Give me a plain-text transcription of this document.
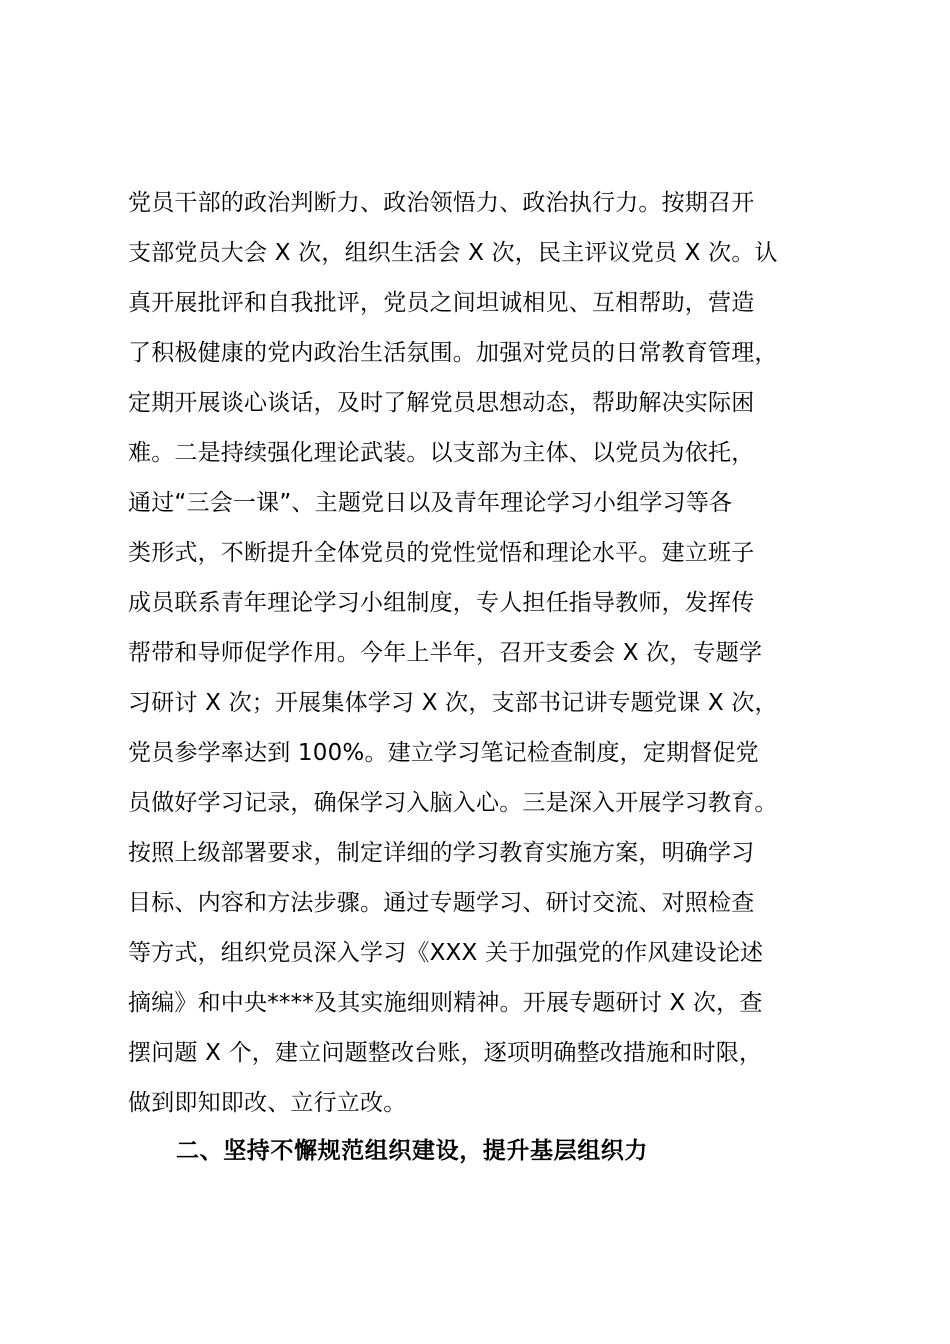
党员干部的政治判断力、政治领悟力、政治执行力。按期召开
支部党员大会 X 次，组织生活会 X 次，民主评议党员 X 次。认
真开展批评和自我批评，党员之间坦诚相见、互相帮助，营造
了积极健康的党内政治生活氛围。加强对党员的日常教育管理，
定期开展谈心谈话，及时了解党员思想动态，帮助解决实际困
难。二是持续强化理论武装。以支部为主体、以党员为依托，
通过“三会一课”、主题党日以及青年理论学习小组学习等各
类形式，不断提升全体党员的党性觉悟和理论水平。建立班子
成员联系青年理论学习小组制度，专人担任指导教师，发挥传
帮带和导师促学作用。今年上半年，召开支委会 X 次，专题学
习研讨 X 次；开展集体学习 X 次，支部书记讲专题党课 X 次，
党员参学率达到 100%。建立学习笔记检查制度，定期督促党
员做好学习记录，确保学习入脑入心。三是深入开展学习教育。
按照上级部署要求，制定详细的学习教育实施方案，明确学习
目标、内容和方法步骤。通过专题学习、研讨交流、对照检查
等方式，组织党员深入学习《XXX 关于加强党的作风建设论述
摘编》和中央****及其实施细则精神。开展专题研讨 X 次，查
摆问题 X 个，建立问题整改台账，逐项明确整改措施和时限，
做到即知即改、立行立改。
二、坚持不懈规范组织建设，提升基层组织力
